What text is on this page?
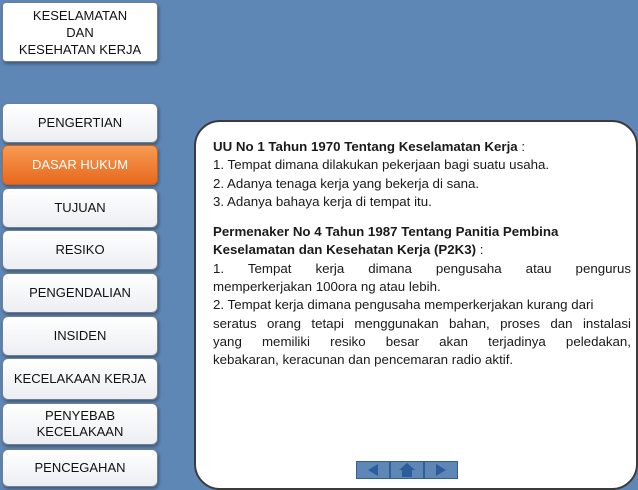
KESELAMATAN
DAN
KESEHATAN KERJA
PENGERTIAN
DASAR HUKUM
TUJUAN
RESIKO
PENGENDALIAN
INSIDEN
KECELAKAAN KERJA
PENYEBAB
KECELAKAAN
PENCEGAHAN

UU No 1 Tahun 1970 Tentang Keselamatan Kerja :

1. Tempat dimana dilakukan pekerjaan bagi suatu usaha.

2. Adanya tenaga kerja yang bekerja di sana.

3. Adanya bahaya kerja di tempat itu.

Permenaker No 4 Tahun 1987 Tentang Panitia Pembina

Keselamatan dan Kesehatan Kerja (P2K3) :

1. Tempat kerja dimana pengusaha atau pengurus

memperkerjakan 100ora ng atau lebih.

2. Tempat kerja dimana pengusaha memperkerjakan kurang dari

seratus orang tetapi menggunakan bahan, proses dan instalasi

yang memiliki resiko besar akan terjadinya peledakan,

kebakaran, keracunan dan pencemaran radio aktif.
